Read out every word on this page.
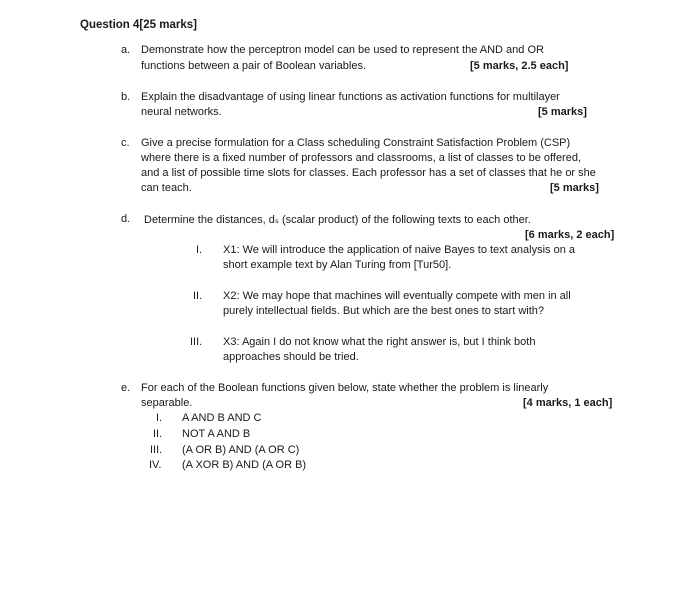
Question 4[25 marks]
a. Demonstrate how the perceptron model can be used to represent the AND and OR
functions between a pair of Boolean variables.	[5 marks, 2.5 each]
b. Explain the disadvantage of using linear functions as activation functions for multilayer
neural networks.	[5 marks]
c. Give a precise formulation for a Class scheduling Constraint Satisfaction Problem (CSP)
where there is a fixed number of professors and classrooms, a list of classes to be offered,
and a list of possible time slots for classes. Each professor has a set of classes that he or she
can teach.	[5 marks]
d. Determine the distances, dₛ (scalar product) of the following texts to each other.
[6 marks, 2 each]
I. X1: We will introduce the application of naive Bayes to text analysis on a
short example text by Alan Turing from [Tur50].
II. X2: We may hope that machines will eventually compete with men in all
purely intellectual fields. But which are the best ones to start with?
III. X3: Again I do not know what the right answer is, but I think both
approaches should be tried.
e. For each of the Boolean functions given below, state whether the problem is linearly
separable.	[4 marks, 1 each]
I. A AND B AND C
II. NOT A AND B
III. (A OR B) AND (A OR C)
IV. (A XOR B) AND (A OR B)
